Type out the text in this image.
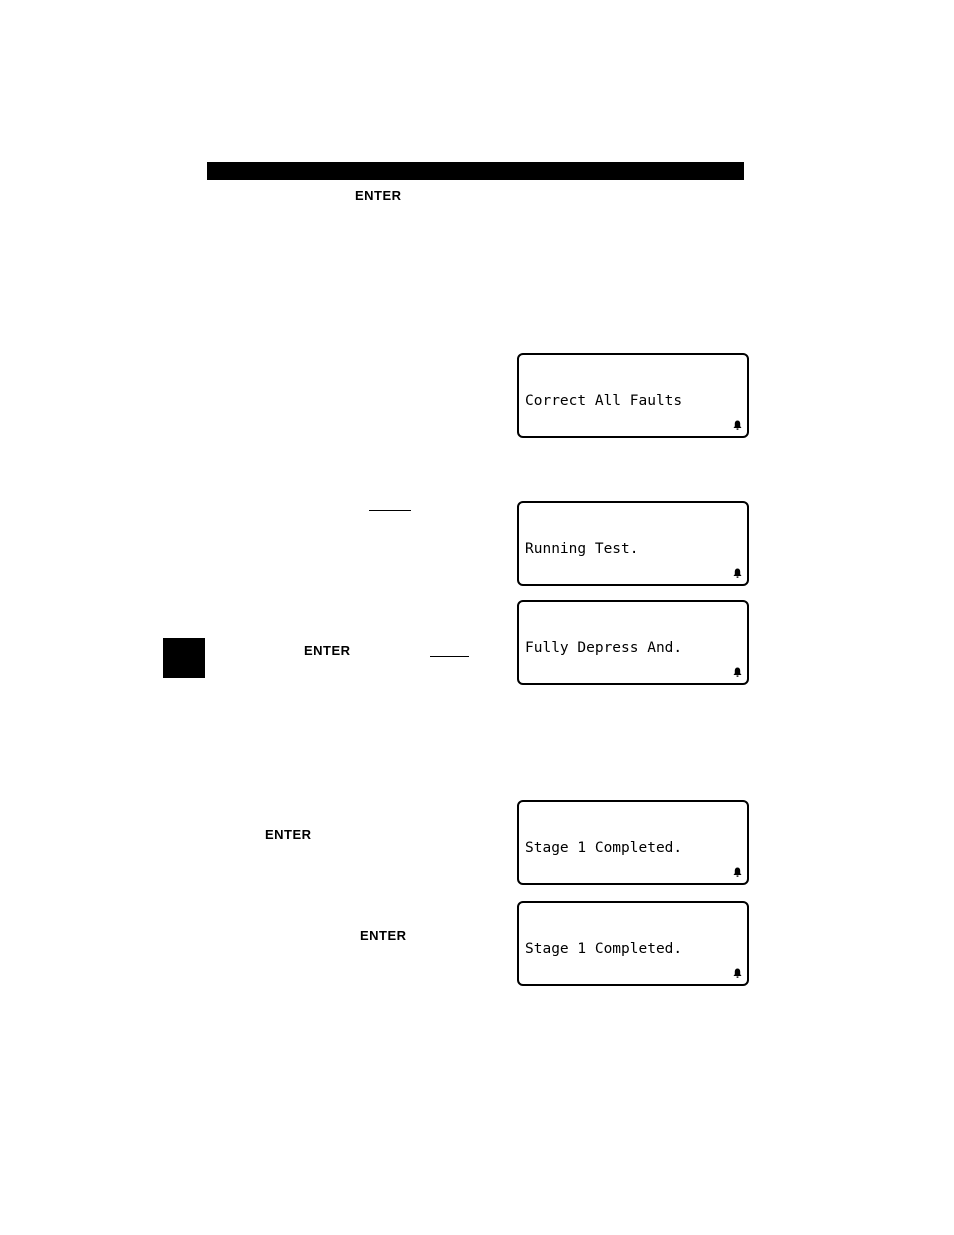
ENTER
ENTER
ENTER
ENTER

Correct All Faults

Running Test.

Fully Depress And.

Stage 1 Completed.

Stage 1 Completed.
